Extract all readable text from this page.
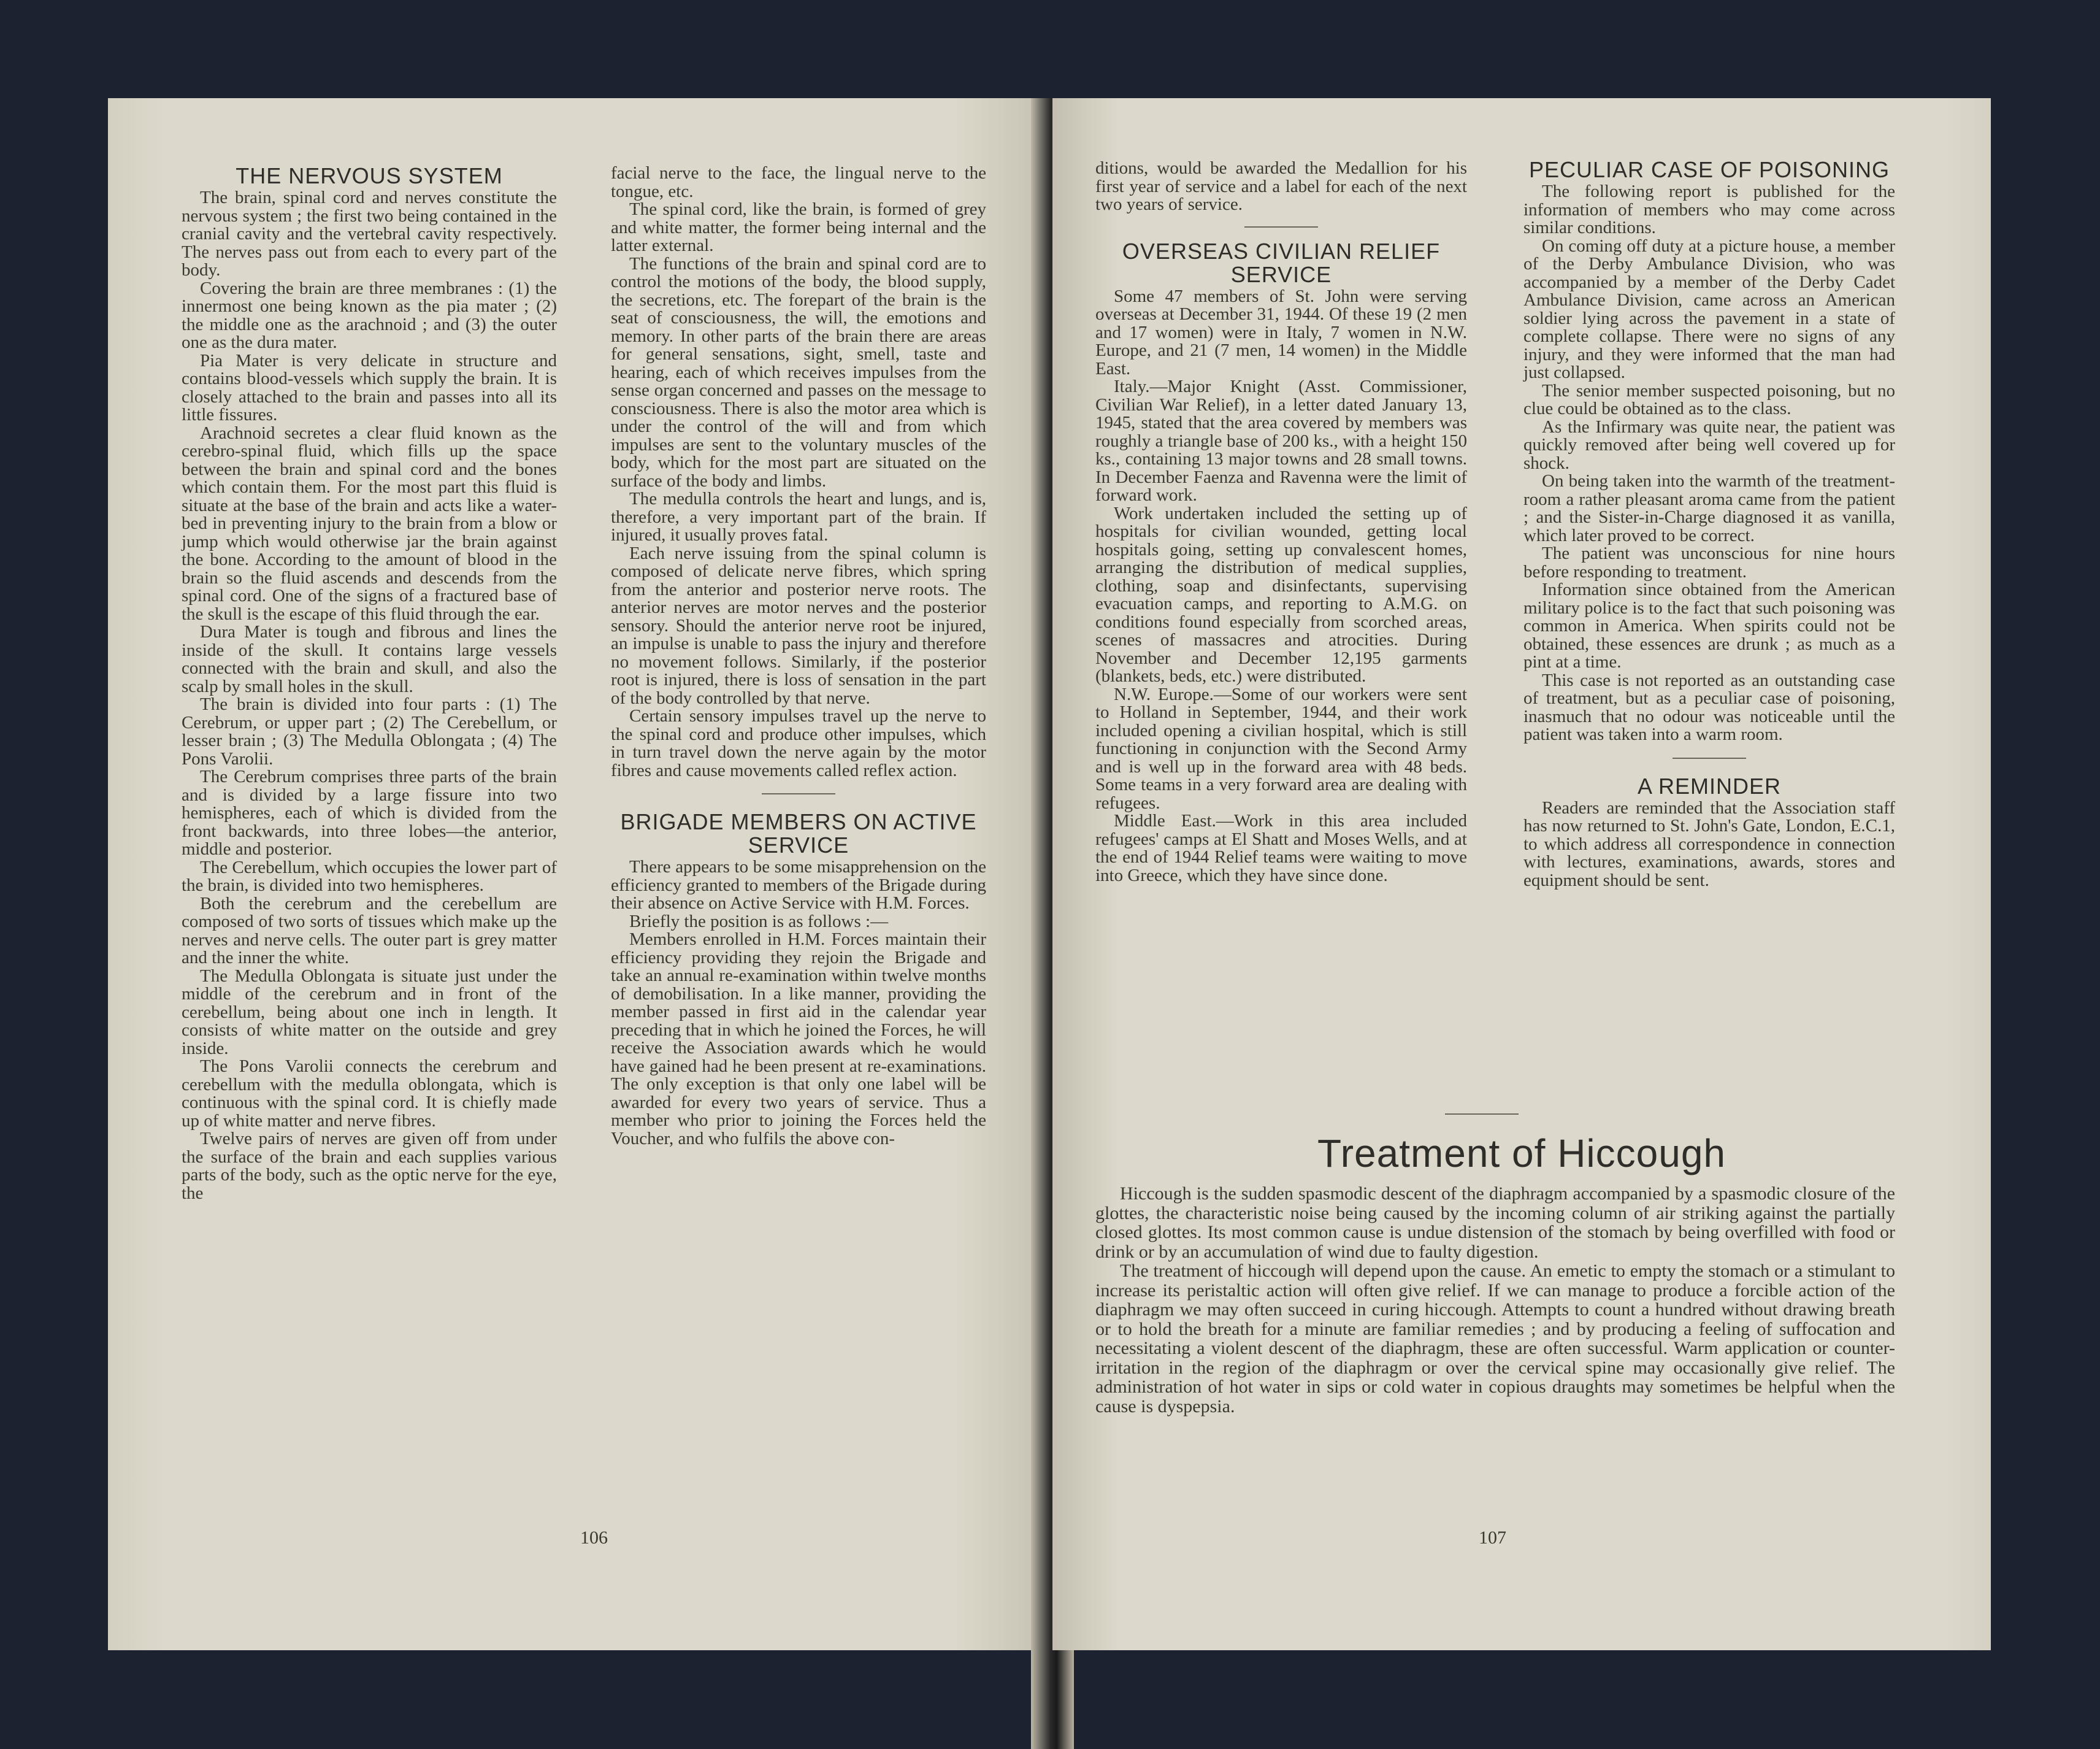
THE NERVOUS SYSTEM

The brain, spinal cord and nerves constitute the nervous system ; the first two being contained in the cranial cavity and the vertebral cavity respectively. The nerves pass out from each to every part of the body.

Covering the brain are three membranes : (1) the innermost one being known as the pia mater ; (2) the middle one as the arachnoid ; and (3) the outer one as the dura mater.

Pia Mater is very delicate in structure and contains blood-vessels which supply the brain. It is closely attached to the brain and passes into all its little fissures.

Arachnoid secretes a clear fluid known as the cerebro-spinal fluid, which fills up the space between the brain and spinal cord and the bones which contain them. For the most part this fluid is situate at the base of the brain and acts like a water-bed in preventing injury to the brain from a blow or jump which would otherwise jar the brain against the bone. According to the amount of blood in the brain so the fluid ascends and descends from the spinal cord. One of the signs of a fractured base of the skull is the escape of this fluid through the ear.

Dura Mater is tough and fibrous and lines the inside of the skull. It contains large vessels connected with the brain and skull, and also the scalp by small holes in the skull.

The brain is divided into four parts : (1) The Cerebrum, or upper part ; (2) The Cerebellum, or lesser brain ; (3) The Medulla Oblongata ; (4) The Pons Varolii.

The Cerebrum comprises three parts of the brain and is divided by a large fissure into two hemispheres, each of which is divided from the front backwards, into three lobes—the anterior, middle and posterior.

The Cerebellum, which occupies the lower part of the brain, is divided into two hemispheres.

Both the cerebrum and the cerebellum are composed of two sorts of tissues which make up the nerves and nerve cells. The outer part is grey matter and the inner the white.

The Medulla Oblongata is situate just under the middle of the cerebrum and in front of the cerebellum, being about one inch in length. It consists of white matter on the outside and grey inside.

The Pons Varolii connects the cerebrum and cerebellum with the medulla oblongata, which is continuous with the spinal cord. It is chiefly made up of white matter and nerve fibres.

Twelve pairs of nerves are given off from under the surface of the brain and each supplies various parts of the body, such as the optic nerve for the eye, the

facial nerve to the face, the lingual nerve to the tongue, etc.

The spinal cord, like the brain, is formed of grey and white matter, the former being internal and the latter external.

The functions of the brain and spinal cord are to control the motions of the body, the blood supply, the secretions, etc. The forepart of the brain is the seat of consciousness, the will, the emotions and memory. In other parts of the brain there are areas for general sensations, sight, smell, taste and hearing, each of which receives impulses from the sense organ concerned and passes on the message to consciousness. There is also the motor area which is under the control of the will and from which impulses are sent to the voluntary muscles of the body, which for the most part are situated on the surface of the body and limbs.

The medulla controls the heart and lungs, and is, therefore, a very important part of the brain. If injured, it usually proves fatal.

Each nerve issuing from the spinal column is composed of delicate nerve fibres, which spring from the anterior and posterior nerve roots. The anterior nerves are motor nerves and the posterior sensory. Should the anterior nerve root be injured, an impulse is unable to pass the injury and therefore no movement follows. Similarly, if the posterior root is injured, there is loss of sensation in the part of the body controlled by that nerve.

Certain sensory impulses travel up the nerve to the spinal cord and produce other impulses, which in turn travel down the nerve again by the motor fibres and cause movements called reflex action.

BRIGADE MEMBERS ON ACTIVE SERVICE

There appears to be some misapprehension on the efficiency granted to members of the Brigade during their absence on Active Service with H.M. Forces.

Briefly the position is as follows :—

Members enrolled in H.M. Forces maintain their efficiency providing they rejoin the Brigade and take an annual re-examination within twelve months of demobilisation. In a like manner, providing the member passed in first aid in the calendar year preceding that in which he joined the Forces, he will receive the Association awards which he would have gained had he been present at re-examinations. The only exception is that only one label will be awarded for every two years of service. Thus a member who prior to joining the Forces held the Voucher, and who fulfils the above con-

106

ditions, would be awarded the Medallion for his first year of service and a label for each of the next two years of service.

OVERSEAS CIVILIAN RELIEF SERVICE

Some 47 members of St. John were serving overseas at December 31, 1944. Of these 19 (2 men and 17 women) were in Italy, 7 women in N.W. Europe, and 21 (7 men, 14 women) in the Middle East.

Italy.—Major Knight (Asst. Commissioner, Civilian War Relief), in a letter dated January 13, 1945, stated that the area covered by members was roughly a triangle base of 200 ks., with a height 150 ks., containing 13 major towns and 28 small towns. In December Faenza and Ravenna were the limit of forward work.

Work undertaken included the setting up of hospitals for civilian wounded, getting local hospitals going, setting up convalescent homes, arranging the distribution of medical supplies, clothing, soap and disinfectants, supervising evacuation camps, and reporting to A.M.G. on conditions found especially from scorched areas, scenes of massacres and atrocities. During November and December 12,195 garments (blankets, beds, etc.) were distributed.

N.W. Europe.—Some of our workers were sent to Holland in September, 1944, and their work included opening a civilian hospital, which is still functioning in conjunction with the Second Army and is well up in the forward area with 48 beds. Some teams in a very forward area are dealing with refugees.

Middle East.—Work in this area included refugees' camps at El Shatt and Moses Wells, and at the end of 1944 Relief teams were waiting to move into Greece, which they have since done.

PECULIAR CASE OF POISONING

The following report is published for the information of members who may come across similar conditions.

On coming off duty at a picture house, a member of the Derby Ambulance Division, who was accompanied by a member of the Derby Cadet Ambulance Division, came across an American soldier lying across the pavement in a state of complete collapse. There were no signs of any injury, and they were informed that the man had just collapsed.

The senior member suspected poisoning, but no clue could be obtained as to the class.

As the Infirmary was quite near, the patient was quickly removed after being well covered up for shock.

On being taken into the warmth of the treatment-room a rather pleasant aroma came from the patient ; and the Sister-in-Charge diagnosed it as vanilla, which later proved to be correct.

The patient was unconscious for nine hours before responding to treatment.

Information since obtained from the American military police is to the fact that such poisoning was common in America. When spirits could not be obtained, these essences are drunk ; as much as a pint at a time.

This case is not reported as an outstanding case of treatment, but as a peculiar case of poisoning, inasmuch that no odour was noticeable until the patient was taken into a warm room.

A REMINDER

Readers are reminded that the Association staff has now returned to St. John's Gate, London, E.C.1, to which address all correspondence in connection with lectures, examinations, awards, stores and equipment should be sent.

Treatment of Hiccough

Hiccough is the sudden spasmodic descent of the diaphragm accompanied by a spasmodic closure of the glottes, the characteristic noise being caused by the incoming column of air striking against the partially closed glottes. Its most common cause is undue distension of the stomach by being overfilled with food or drink or by an accumulation of wind due to faulty digestion.

The treatment of hiccough will depend upon the cause. An emetic to empty the stomach or a stimulant to increase its peristaltic action will often give relief. If we can manage to produce a forcible action of the diaphragm we may often succeed in curing hiccough. Attempts to count a hundred without drawing breath or to hold the breath for a minute are familiar remedies ; and by producing a feeling of suffocation and necessitating a violent descent of the diaphragm, these are often successful. Warm application or counter-irritation in the region of the diaphragm or over the cervical spine may occasionally give relief. The administration of hot water in sips or cold water in copious draughts may sometimes be helpful when the cause is dyspepsia.

107
